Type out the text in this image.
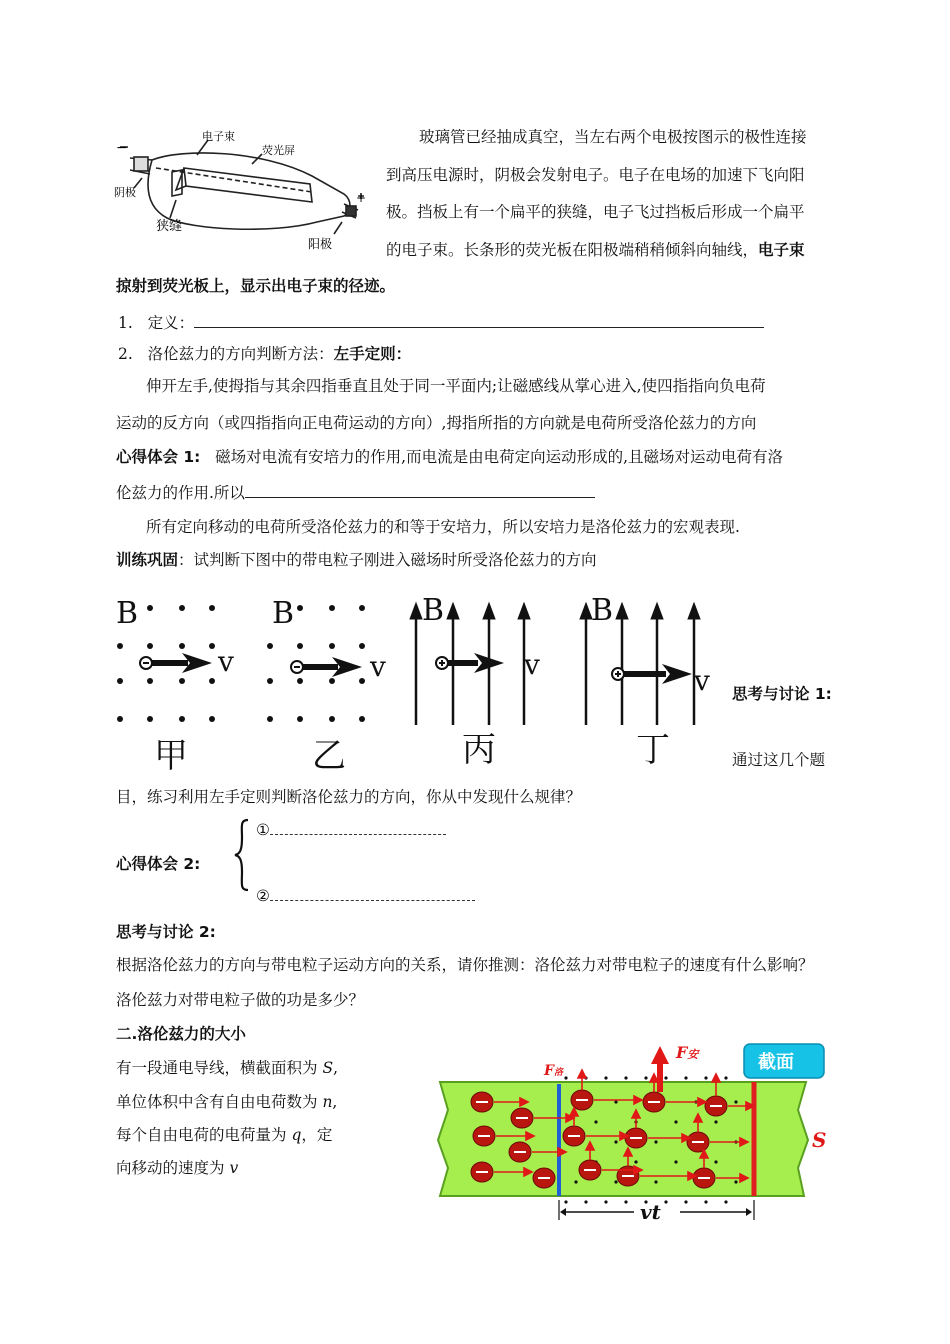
−
+
电子束
荧光屏
阴极
狭缝
阳极
玻璃管已经抽成真空，当左右两个电极按图示的极性连接
到高压电源时，阴极会发射电子。电子在电场的加速下飞向阳
极。挡板上有一个扁平的狭缝，电子飞过挡板后形成一个扁平
的电子束。长条形的荧光板在阳极端稍稍倾斜向轴线，电子束
掠射到荧光板上，显示出电子束的径迹。
1. 定义：
2. 洛伦兹力的方向判断方法：左手定则：
伸开左手,使拇指与其余四指垂直且处于同一平面内;让磁感线从掌心进入,使四指指向负电荷
运动的反方向（或四指指向正电荷运动的方向）,拇指所指的方向就是电荷所受洛伦兹力的方向
心得体会 1: 磁场对电流有安培力的作用,而电流是由电荷定向运动形成的,且磁场对运动电荷有洛
伦兹力的作用.所以
所有定向移动的电荷所受洛伦兹力的和等于安培力，所以安培力是洛伦兹力的宏观表现.
训练巩固：试判断下图中的带电粒子刚进入磁场时所受洛伦兹力的方向
B	B	B	B
v	v	v	v
甲	乙	丙	丁
思考与讨论 1:
通过这几个题
目，练习利用左手定则判断洛伦兹力的方向，你从中发现什么规律？
心得体会 2:
①
②
思考与讨论 2:
根据洛伦兹力的方向与带电粒子运动方向的关系，请你推测：洛伦兹力对带电粒子的速度有什么影响？
洛伦兹力对带电粒子做的功是多少？
二.洛伦兹力的大小
有一段通电导线，横截面积为 S,
单位体积中含有自由电荷数为 n,
每个自由电荷的电荷量为 q，定
向移动的速度为 v
F洛
F安	截面
S
vt
